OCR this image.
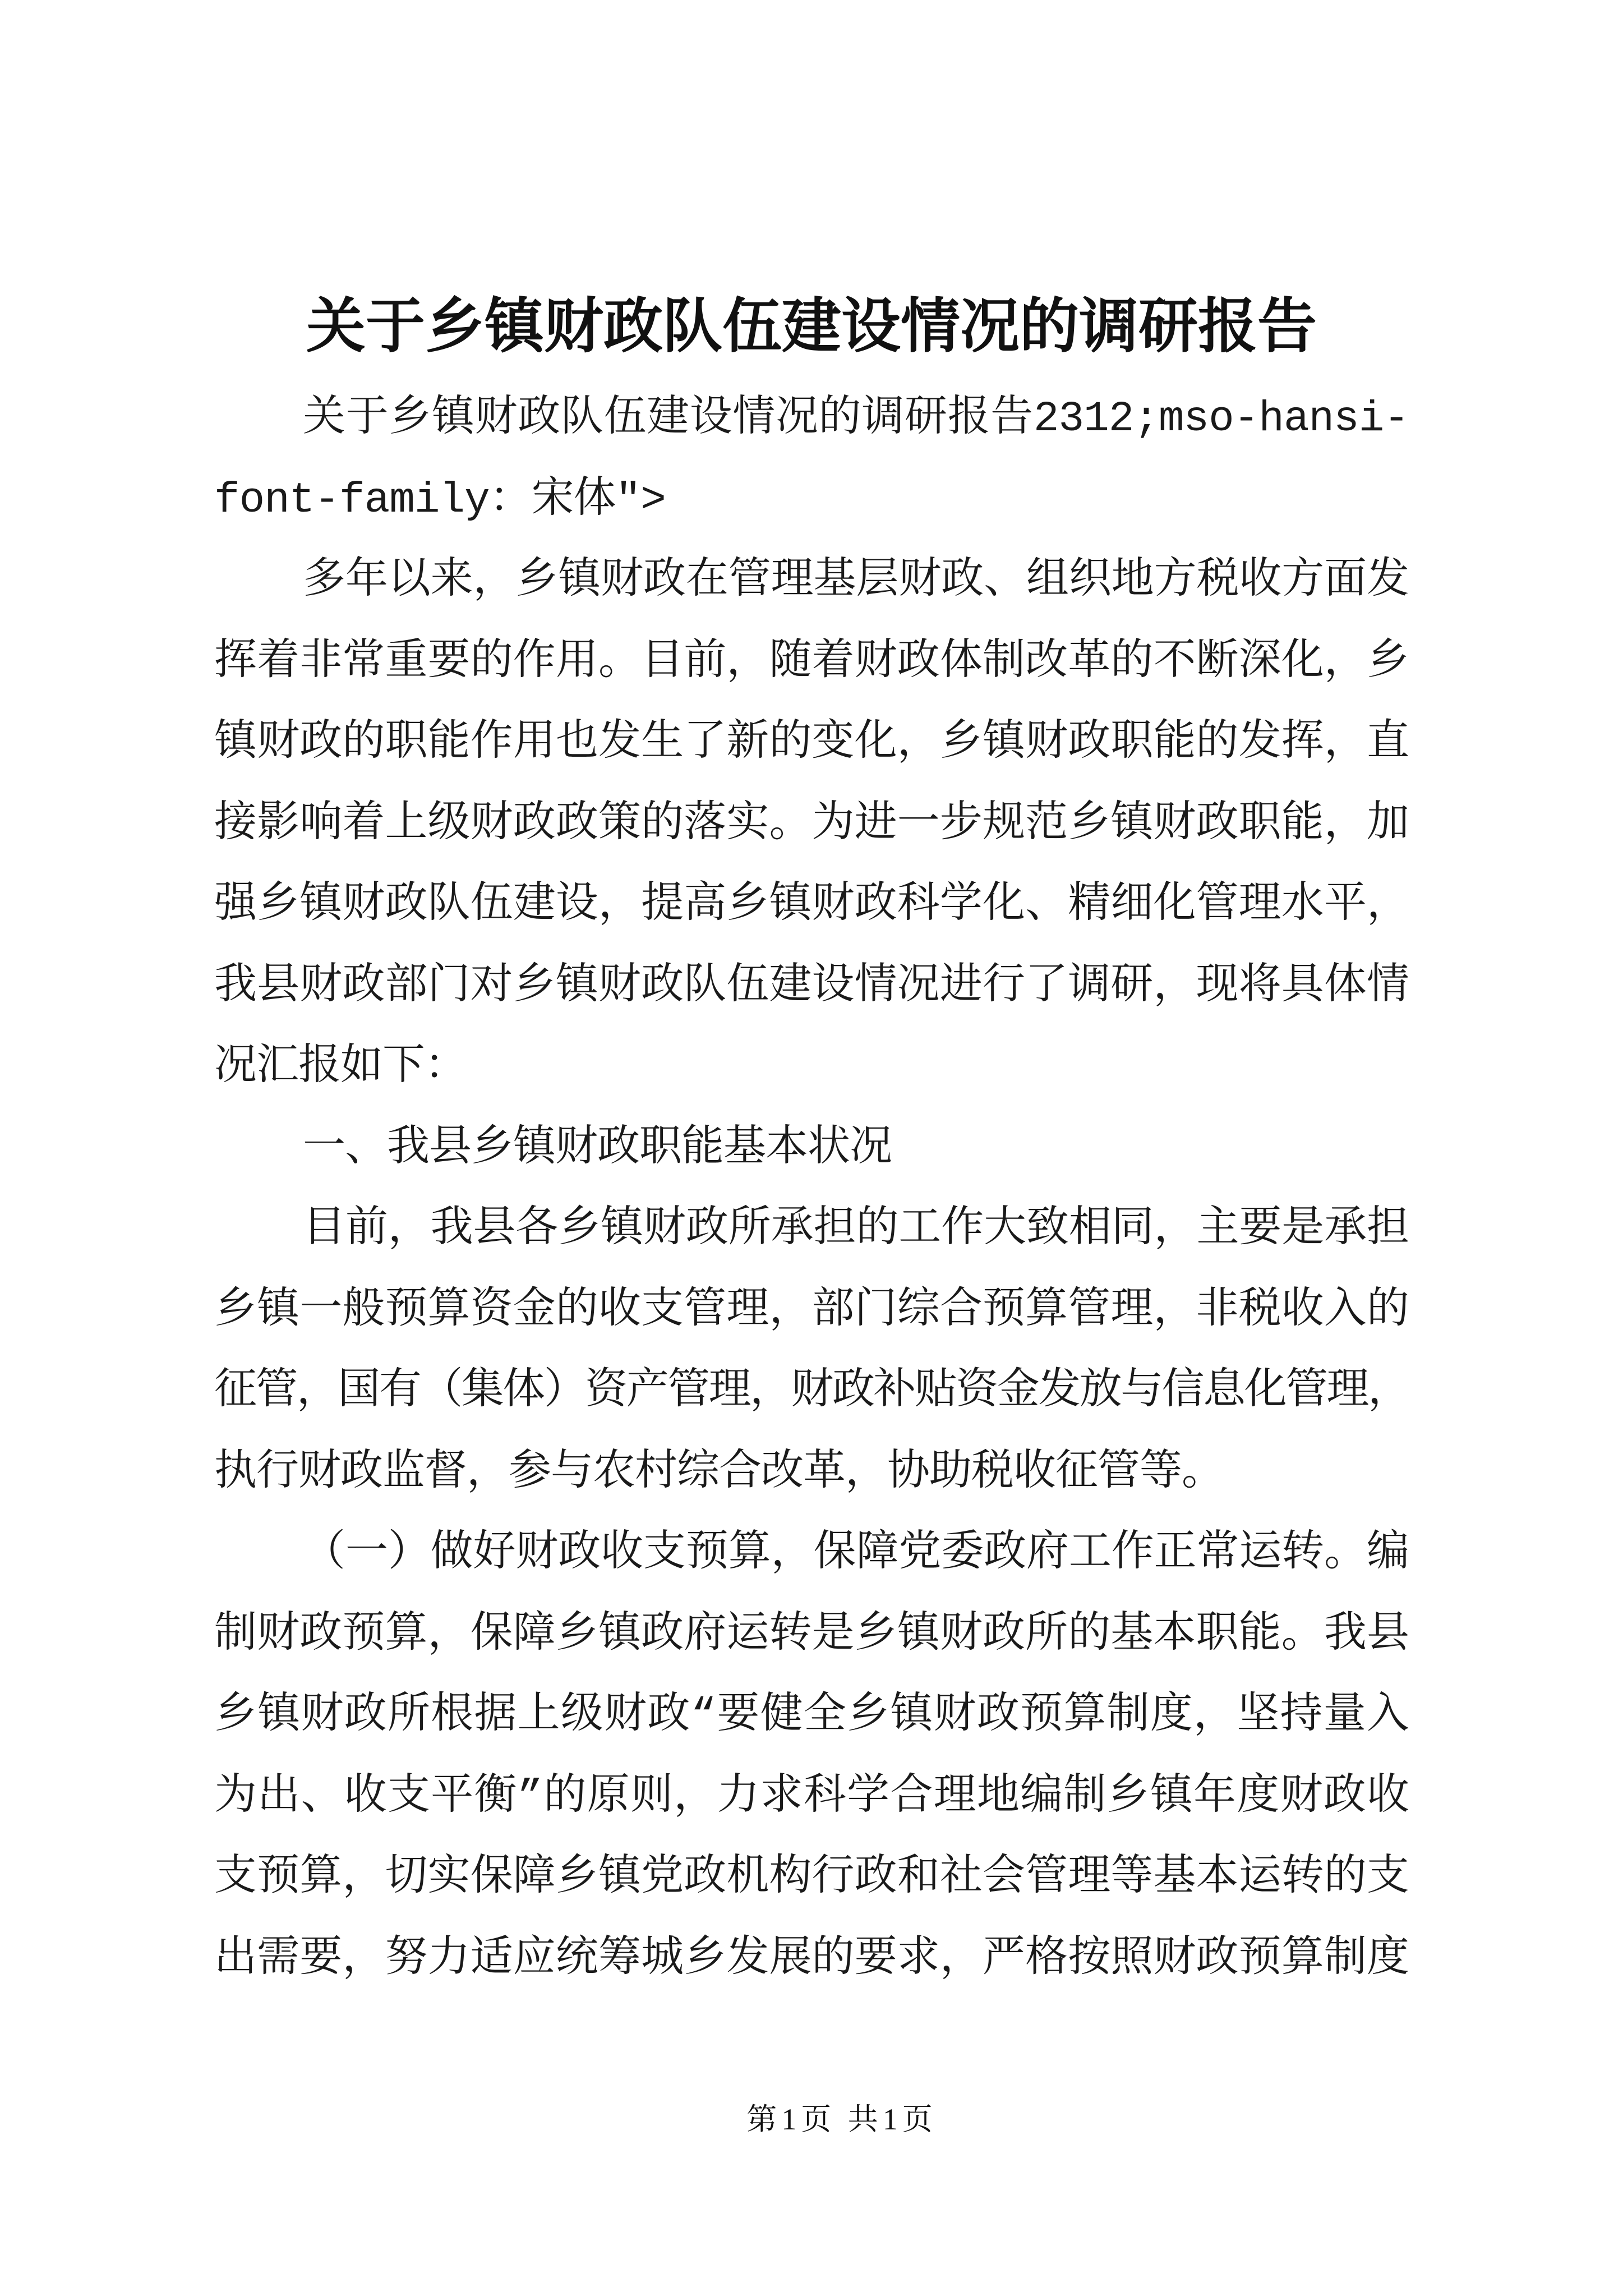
关于乡镇财政队伍建设情况的调研报告
关于乡镇财政队伍建设情况的调研报告2312;mso-hansi-
font-family：宋体">
多年以来，乡镇财政在管理基层财政、组织地方税收方面发
挥着非常重要的作用。目前，随着财政体制改革的不断深化，乡
镇财政的职能作用也发生了新的变化，乡镇财政职能的发挥，直
接影响着上级财政政策的落实。为进一步规范乡镇财政职能，加
强乡镇财政队伍建设，提高乡镇财政科学化、精细化管理水平，
我县财政部门对乡镇财政队伍建设情况进行了调研，现将具体情
况汇报如下：
一、我县乡镇财政职能基本状况
目前，我县各乡镇财政所承担的工作大致相同，主要是承担
乡镇一般预算资金的收支管理，部门综合预算管理，非税收入的
征管，国有（集体）资产管理，财政补贴资金发放与信息化管理，
执行财政监督，参与农村综合改革，协助税收征管等。
（一）做好财政收支预算，保障党委政府工作正常运转。编
制财政预算，保障乡镇政府运转是乡镇财政所的基本职能。我县
乡镇财政所根据上级财政“要健全乡镇财政预算制度，坚持量入
为出、收支平衡”的原则，力求科学合理地编制乡镇年度财政收
支预算，切实保障乡镇党政机构行政和社会管理等基本运转的支
出需要，努力适应统筹城乡发展的要求，严格按照财政预算制度
第1页 共1页
